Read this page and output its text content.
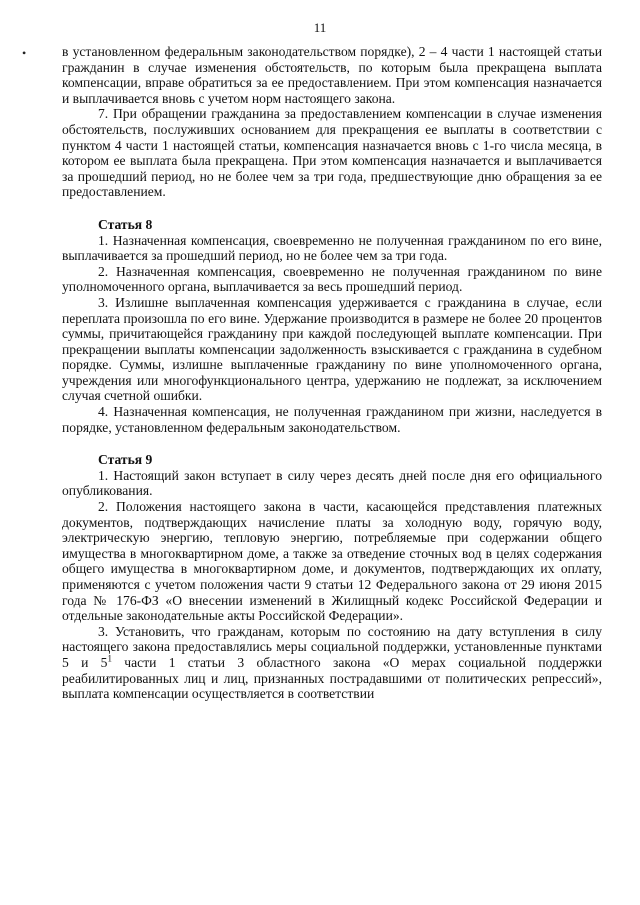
11
•	в установленном федеральным законодательством порядке), 2 – 4 части 1 настоящей статьи гражданин в случае изменения обстоятельств, по которым была прекращена выплата компенсации, вправе обратиться за ее предоставлением. При этом компенсация назначается и выплачивается вновь с учетом норм настоящего закона.

7. При обращении гражданина за предоставлением компенсации в случае изменения обстоятельств, послуживших основанием для прекращения ее выплаты в соответствии с пунктом 4 части 1 настоящей статьи, компенсация назначается вновь с 1-го числа месяца, в котором ее выплата была прекращена. При этом компенсация назначается и выплачивается за прошедший период, но не более чем за три года, предшествующие дню обращения за ее предоставлением.

Статья 8

1. Назначенная компенсация, своевременно не полученная гражданином по его вине, выплачивается за прошедший период, но не более чем за три года.

2. Назначенная компенсация, своевременно не полученная гражданином по вине уполномоченного органа, выплачивается за весь прошедший период.

3. Излишне выплаченная компенсация удерживается с гражданина в случае, если переплата произошла по его вине. Удержание производится в размере не более 20 процентов суммы, причитающейся гражданину при каждой последующей выплате компенсации. При прекращении выплаты компенсации задолженность взыскивается с гражданина в судебном порядке. Суммы, излишне выплаченные гражданину по вине уполномоченного органа, учреждения или многофункционального центра, удержанию не подлежат, за исключением случая счетной ошибки.

4. Назначенная компенсация, не полученная гражданином при жизни, наследуется в порядке, установленном федеральным законодательством.

Статья 9

1. Настоящий закон вступает в силу через десять дней после дня его официального опубликования.

2. Положения настоящего закона в части, касающейся представления платежных документов, подтверждающих начисление платы за холодную воду, горячую воду, электрическую энергию, тепловую энергию, потребляемые при содержании общего имущества в многоквартирном доме, а также за отведение сточных вод в целях содержания общего имущества в многоквартирном доме, и документов, подтверждающих их оплату, применяются с учетом положения части 9 статьи 12 Федерального закона от 29 июня 2015 года № 176-ФЗ «О внесении изменений в Жилищный кодекс Российской Федерации и отдельные законодательные акты Российской Федерации».

3. Установить, что гражданам, которым по состоянию на дату вступления в силу настоящего закона предоставлялись меры социальной поддержки, установленные пунктами 5 и $5^1$ части 1 статьи 3 областного закона «О мерах социальной поддержки реабилитированных лиц и лиц, признанных пострадавшими от политических репрессий», выплата компенсации осуществляется в соответствии
